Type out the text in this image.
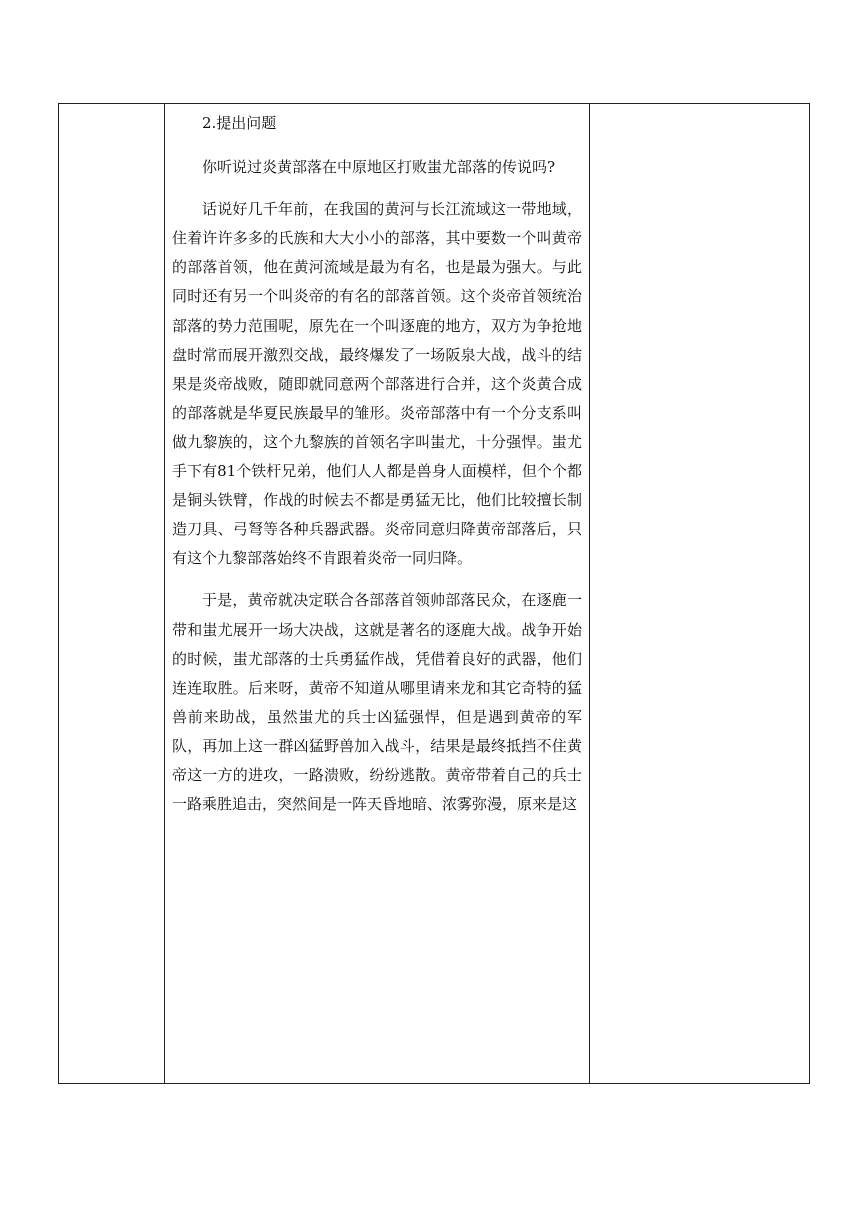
2.提出问题

你听说过炎黄部落在中原地区打败蚩尤部落的传说吗?

话说好几千年前，在我国的黄河与长江流域这一带地域，住着许许多多的氏族和大大小小的部落，其中要数一个叫黄帝的部落首领，他在黄河流域是最为有名，也是最为强大。与此同时还有另一个叫炎帝的有名的部落首领。这个炎帝首领统治部落的势力范围呢，原先在一个叫逐鹿的地方，双方为争抢地盘时常而展开激烈交战，最终爆发了一场阪泉大战，战斗的结果是炎帝战败，随即就同意两个部落进行合并，这个炎黄合成的部落就是华夏民族最早的雏形。炎帝部落中有一个分支系叫做九黎族的，这个九黎族的首领名字叫蚩尤，十分强悍。蚩尤手下有81个铁杆兄弟，他们人人都是兽身人面模样，但个个都是铜头铁臂，作战的时候去不都是勇猛无比，他们比较擅长制造刀具、弓弩等各种兵器武器。炎帝同意归降黄帝部落后，只有这个九黎部落始终不肯跟着炎帝一同归降。

于是，黄帝就决定联合各部落首领帅部落民众，在逐鹿一带和蚩尤展开一场大决战，这就是著名的逐鹿大战。战争开始的时候，蚩尤部落的士兵勇猛作战，凭借着良好的武器，他们连连取胜。后来呀，黄帝不知道从哪里请来龙和其它奇特的猛兽前来助战，虽然蚩尤的兵士凶猛强悍，但是遇到黄帝的军队，再加上这一群凶猛野兽加入战斗，结果是最终抵挡不住黄帝这一方的进攻，一路溃败，纷纷逃散。黄帝带着自己的兵士一路乘胜追击，突然间是一阵天昏地暗、浓雾弥漫，原来是这
